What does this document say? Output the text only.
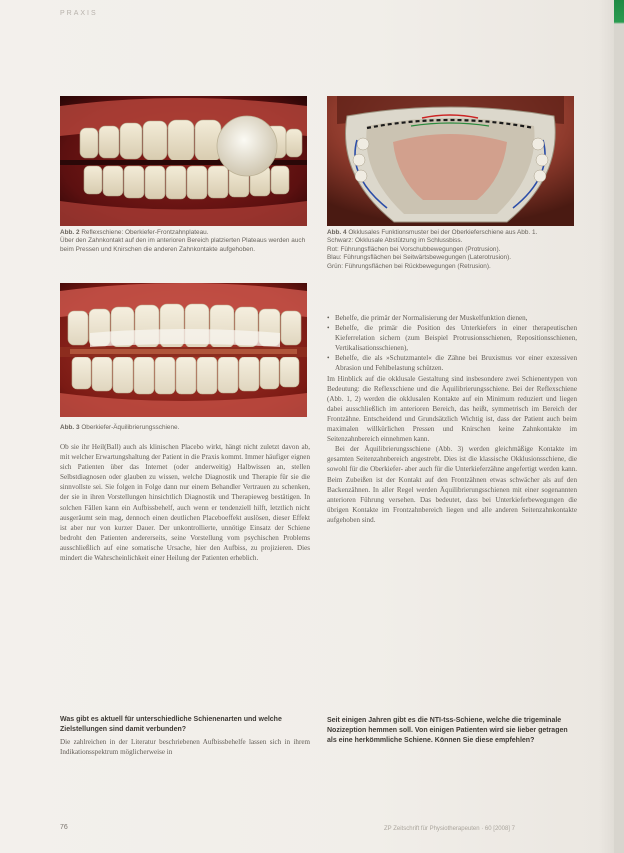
PRAXIS
Abb. 2 Reflexschiene: Oberkiefer-Frontzahnplateau.
Über den Zahnkontakt auf den im anterioren Bereich platzierten Plateaus werden auch beim Pressen und Knirschen die anderen Zahnkontakte aufgehoben.
Abb. 3 Oberkiefer-Äquilibrierungsschiene.
Abb. 4 Okklusales Funktionsmuster bei der Oberkieferschiene aus Abb. 1.
Schwarz: Okklusale Abstützung im Schlussbiss.
Rot: Führungsflächen bei Vorschubbewegungen (Protrusion).
Blau: Führungsflächen bei Seitwärtsbewegungen (Laterotrusion).
Grün: Führungsflächen bei Rückbewegungen (Retrusion).

Ob sie ihr Heil(Ball) auch als klinischen Placebo wirkt, hängt nicht zuletzt davon ab, mit welcher Erwartungshaltung der Patient in die Praxis kommt. Immer häufiger eignen sich Patienten über das Internet (oder anderweitig) Halbwissen an, stellen Selbstdiagnosen oder glauben zu wissen, welche Diagnostik und Therapie für sie die sinnvollste sei. Sie folgen in Folge dann nur einem Behandler Vertrauen zu schenken, der sie in ihren Vorstellungen hinsichtlich Diagnostik und Therapieweg bestätigen. In solchen Fällen kann ein Aufbissbehelf, auch wenn er tendenziell hilft, letztlich nicht ausgeräumt sein mag, dennoch einen deutlichen Placeboeffekt auslösen, dieser Effekt ist aber nur von kurzer Dauer. Der unkontrollierte, unnötige Einsatz der Schiene bedroht den Patienten andererseits, seine Vorstellung vom psychischen Problems ausschließlich auf eine somatische Ursache, hier den Aufbiss, zu projizieren. Dies mindert die Wahrscheinlichkeit einer Heilung der Patienten erheblich.

Was gibt es aktuell für unterschiedliche Schienenarten und welche Zielstellungen sind damit verbunden?

Die zahlreichen in der Literatur beschriebenen Aufbissbehelfe lassen sich in ihrem Indikationsspektrum möglicherweise in

• Behelfe, die primär der Normalisierung der Muskelfunktion dienen,
• Behelfe, die primär die Position des Unterkiefers in einer therapeutischen Kieferrelation sichern (zum Beispiel Protrusionsschienen, Repositionsschienen, Vertikalisationsschienen),
• Behelfe, die als »Schutzmantel« die Zähne bei Bruxismus vor einer exzessiven Abrasion und Fehlbelastung schützen.

Im Hinblick auf die okklusale Gestaltung sind insbesondere zwei Schienentypen von Bedeutung: die Reflexschiene und die Äquilibrierungsschiene. Bei der Reflexschiene (Abb. 1, 2) werden die okklusalen Kontakte auf ein Minimum reduziert und liegen dabei ausschließlich im anterioren Bereich, das heißt, symmetrisch im Bereich der Frontzähne. Entscheidend und Grundsätzlich Wichtig ist, dass der Patient auch beim maximalen willkürlichen Pressen und Knirschen keine Zahnkontakte im Seitenzahnbereich einnehmen kann.

Bei der Äquilibrierungsschiene (Abb. 3) werden gleichmäßige Kontakte im gesamten Seitenzahnbereich angestrebt. Dies ist die klassische Okklusionsschiene, die sowohl für die Oberkiefer- aber auch für die Unterkieferzähne angefertigt werden kann. Beim Zubeißen ist der Kontakt auf den Frontzähnen etwas schwächer als auf den Backenzähnen. In aller Regel werden Äquilibrierungsschienen mit einer sogenannten anterioren Führung versehen. Das bedeutet, dass bei Unterkieferbewegungen die übrigen Kontakte im Frontzahnbereich liegen und alle anderen Seitenzahnkontakte aufgehoben sind.

Seit einigen Jahren gibt es die NTI-tss-Schiene, welche die trigeminale Nozizeption hemmen soll. Von einigen Patienten wird sie lieber getragen als eine herkömmliche Schiene. Können Sie diese empfehlen?
76	ZP Zeitschrift für Physiotherapeuten · 60 [2008] 7
